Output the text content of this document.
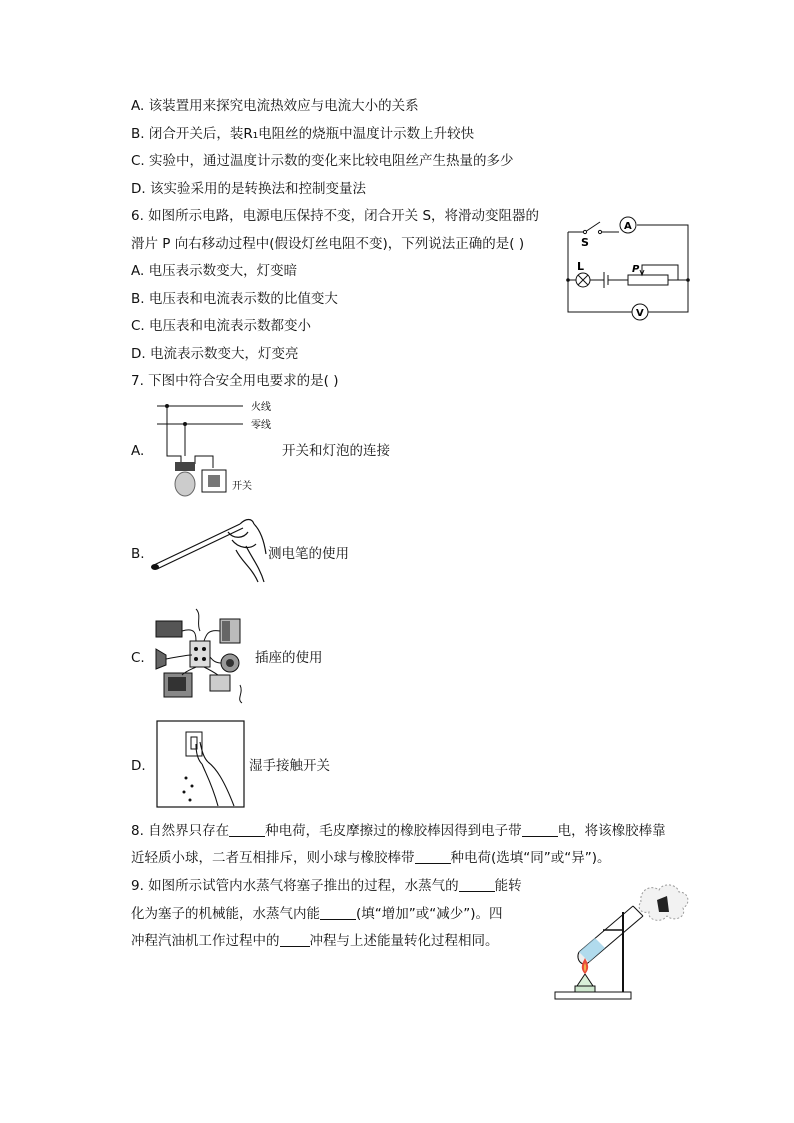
A. 该装置用来探究电流热效应与电流大小的关系
B. 闭合开关后，装R₁电阻丝的烧瓶中温度计示数上升较快
C. 实验中，通过温度计示数的变化来比较电阻丝产生热量的多少
D. 该实验采用的是转换法和控制变量法
6. 如图所示电路，电源电压保持不变，闭合开关 S，将滑动变阻器的
滑片 P 向右移动过程中(假设灯丝电阻不变)，下列说法正确的是( )
A. 电压表示数变大，灯变暗
B. 电压表和电流表示数的比值变大
C. 电压表和电流表示数都变小
D. 电流表示数变大，灯变亮
S
A
L	P
V
7. 下图中符合安全用电要求的是( )
A.
火线
零线
开关
开关和灯泡的连接
B.	测电笔的使用
C.	插座的使用
D.	湿手接触开关
8. 自然界只存在	种电荷，毛皮摩擦过的橡胶棒因得到电子带	电，将该橡胶棒靠
近轻质小球，二者互相排斥，则小球与橡胶棒带	种电荷(选填“同”或“异”)。
9. 如图所示试管内水蒸气将塞子推出的过程，水蒸气的	能转
化为塞子的机械能，水蒸气内能	(填“增加”或“减少”)。四
冲程汽油机工作过程中的 冲程与上述能量转化过程相同。
